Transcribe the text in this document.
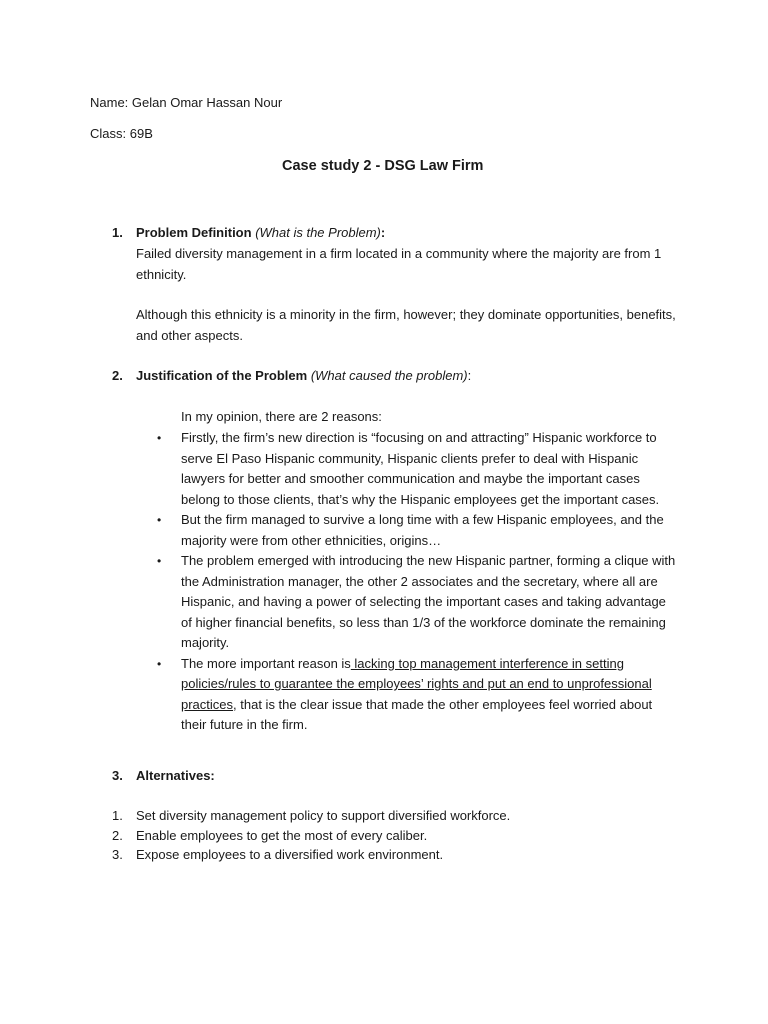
Name: Gelan Omar Hassan Nour
Class: 69B
Case study 2 - DSG Law Firm
1. Problem Definition (What is the Problem):
Failed diversity management in a firm located in a community where the majority are from 1 ethnicity.
Although this ethnicity is a minority in the firm, however; they dominate opportunities, benefits, and other aspects.
2. Justification of the Problem (What caused the problem):
In my opinion, there are 2 reasons:
• Firstly, the firm’s new direction is “focusing on and attracting” Hispanic workforce to serve El Paso Hispanic community, Hispanic clients prefer to deal with Hispanic lawyers for better and smoother communication and maybe the important cases belong to those clients, that’s why the Hispanic employees get the important cases.
• But the firm managed to survive a long time with a few Hispanic employees, and the majority were from other ethnicities, origins…
• The problem emerged with introducing the new Hispanic partner, forming a clique with the Administration manager, the other 2 associates and the secretary, where all are Hispanic, and having a power of selecting the important cases and taking advantage of higher financial benefits, so less than 1/3 of the workforce dominate the remaining majority.
• The more important reason is lacking top management interference in setting policies/rules to guarantee the employees’ rights and put an end to unprofessional practices, that is the clear issue that made the other employees feel worried about their future in the firm.
3. Alternatives:
1. Set diversity management policy to support diversified workforce.
2. Enable employees to get the most of every caliber.
3. Expose employees to a diversified work environment.
